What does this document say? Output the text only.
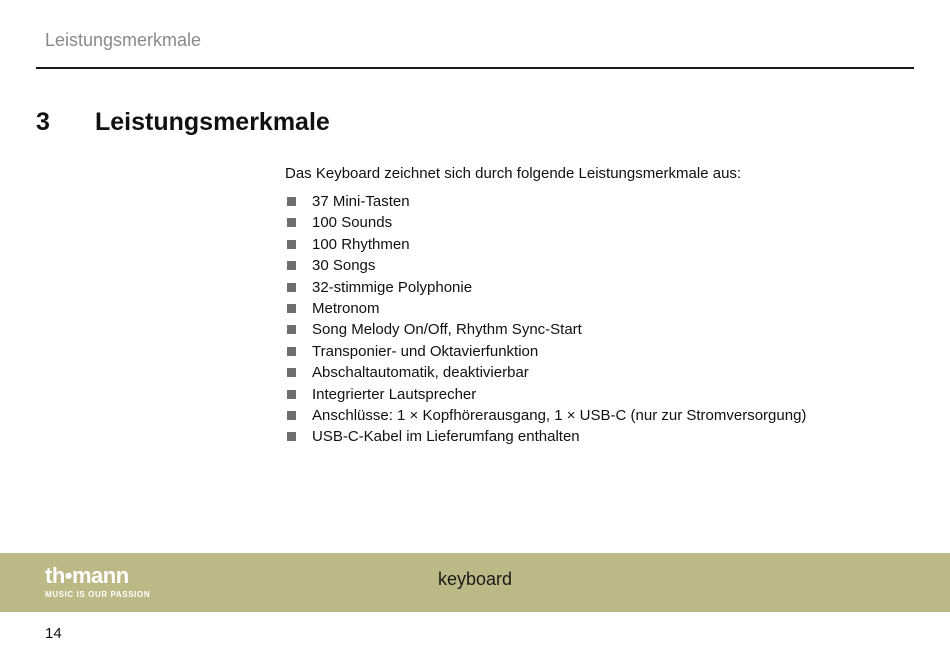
Leistungsmerkmale
3 Leistungsmerkmale
Das Keyboard zeichnet sich durch folgende Leistungsmerkmale aus:
37 Mini-Tasten
100 Sounds
100 Rhythmen
30 Songs
32-stimmige Polyphonie
Metronom
Song Melody On/Off, Rhythm Sync-Start
Transponier- und Oktavierfunktion
Abschaltautomatik, deaktivierbar
Integrierter Lautsprecher
Anschlüsse: 1 × Kopfhörerausgang, 1 × USB-C (nur zur Stromversorgung)
USB-C-Kabel im Lieferumfang enthalten
th•mann
MUSIC IS OUR PASSION
keyboard
14
